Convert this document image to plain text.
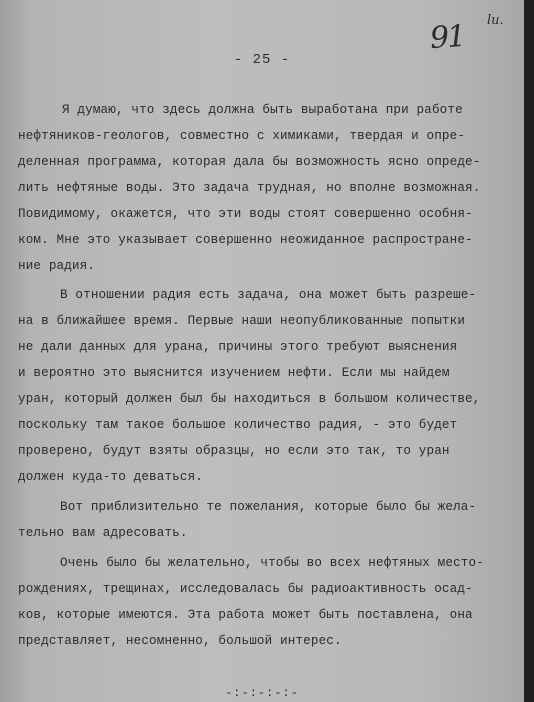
91 lu.
- 25 -
Я думаю, что здесь должна быть выработана при работе
нефтяников-геологов, совместно с химиками, твердая и опре-
деленная программа, которая дала бы возможность ясно опреде-
лить нефтяные воды. Это задача трудная, но вполне возможная.
Повидимому, окажется, что эти воды стоят совершенно особня-
ком. Мне это указывает совершенно неожиданное распростране-
ние радия.
В отношении радия есть задача, она может быть разреше-
на в ближайшее время. Первые наши неопубликованные попытки
не дали данных для урана, причины этого требуют выяснения
и вероятно это выяснится изучением нефти. Если мы найдем
уран, который должен был бы находиться в большом количестве,
поскольку там такое большое количество радия, - это будет
проверено, будут взяты образцы, но если это так, то уран
должен куда-то деваться.
Вот приблизительно те пожелания, которые было бы жела-
тельно вам адресовать.
Очень было бы желательно, чтобы во всех нефтяных место-
рождениях, трещинах, исследовалась бы радиоактивность осад-
ков, которые имеются. Эта работа может быть поставлена, она
представляет, несомненно, большой интерес.
-:-:-:-:-
